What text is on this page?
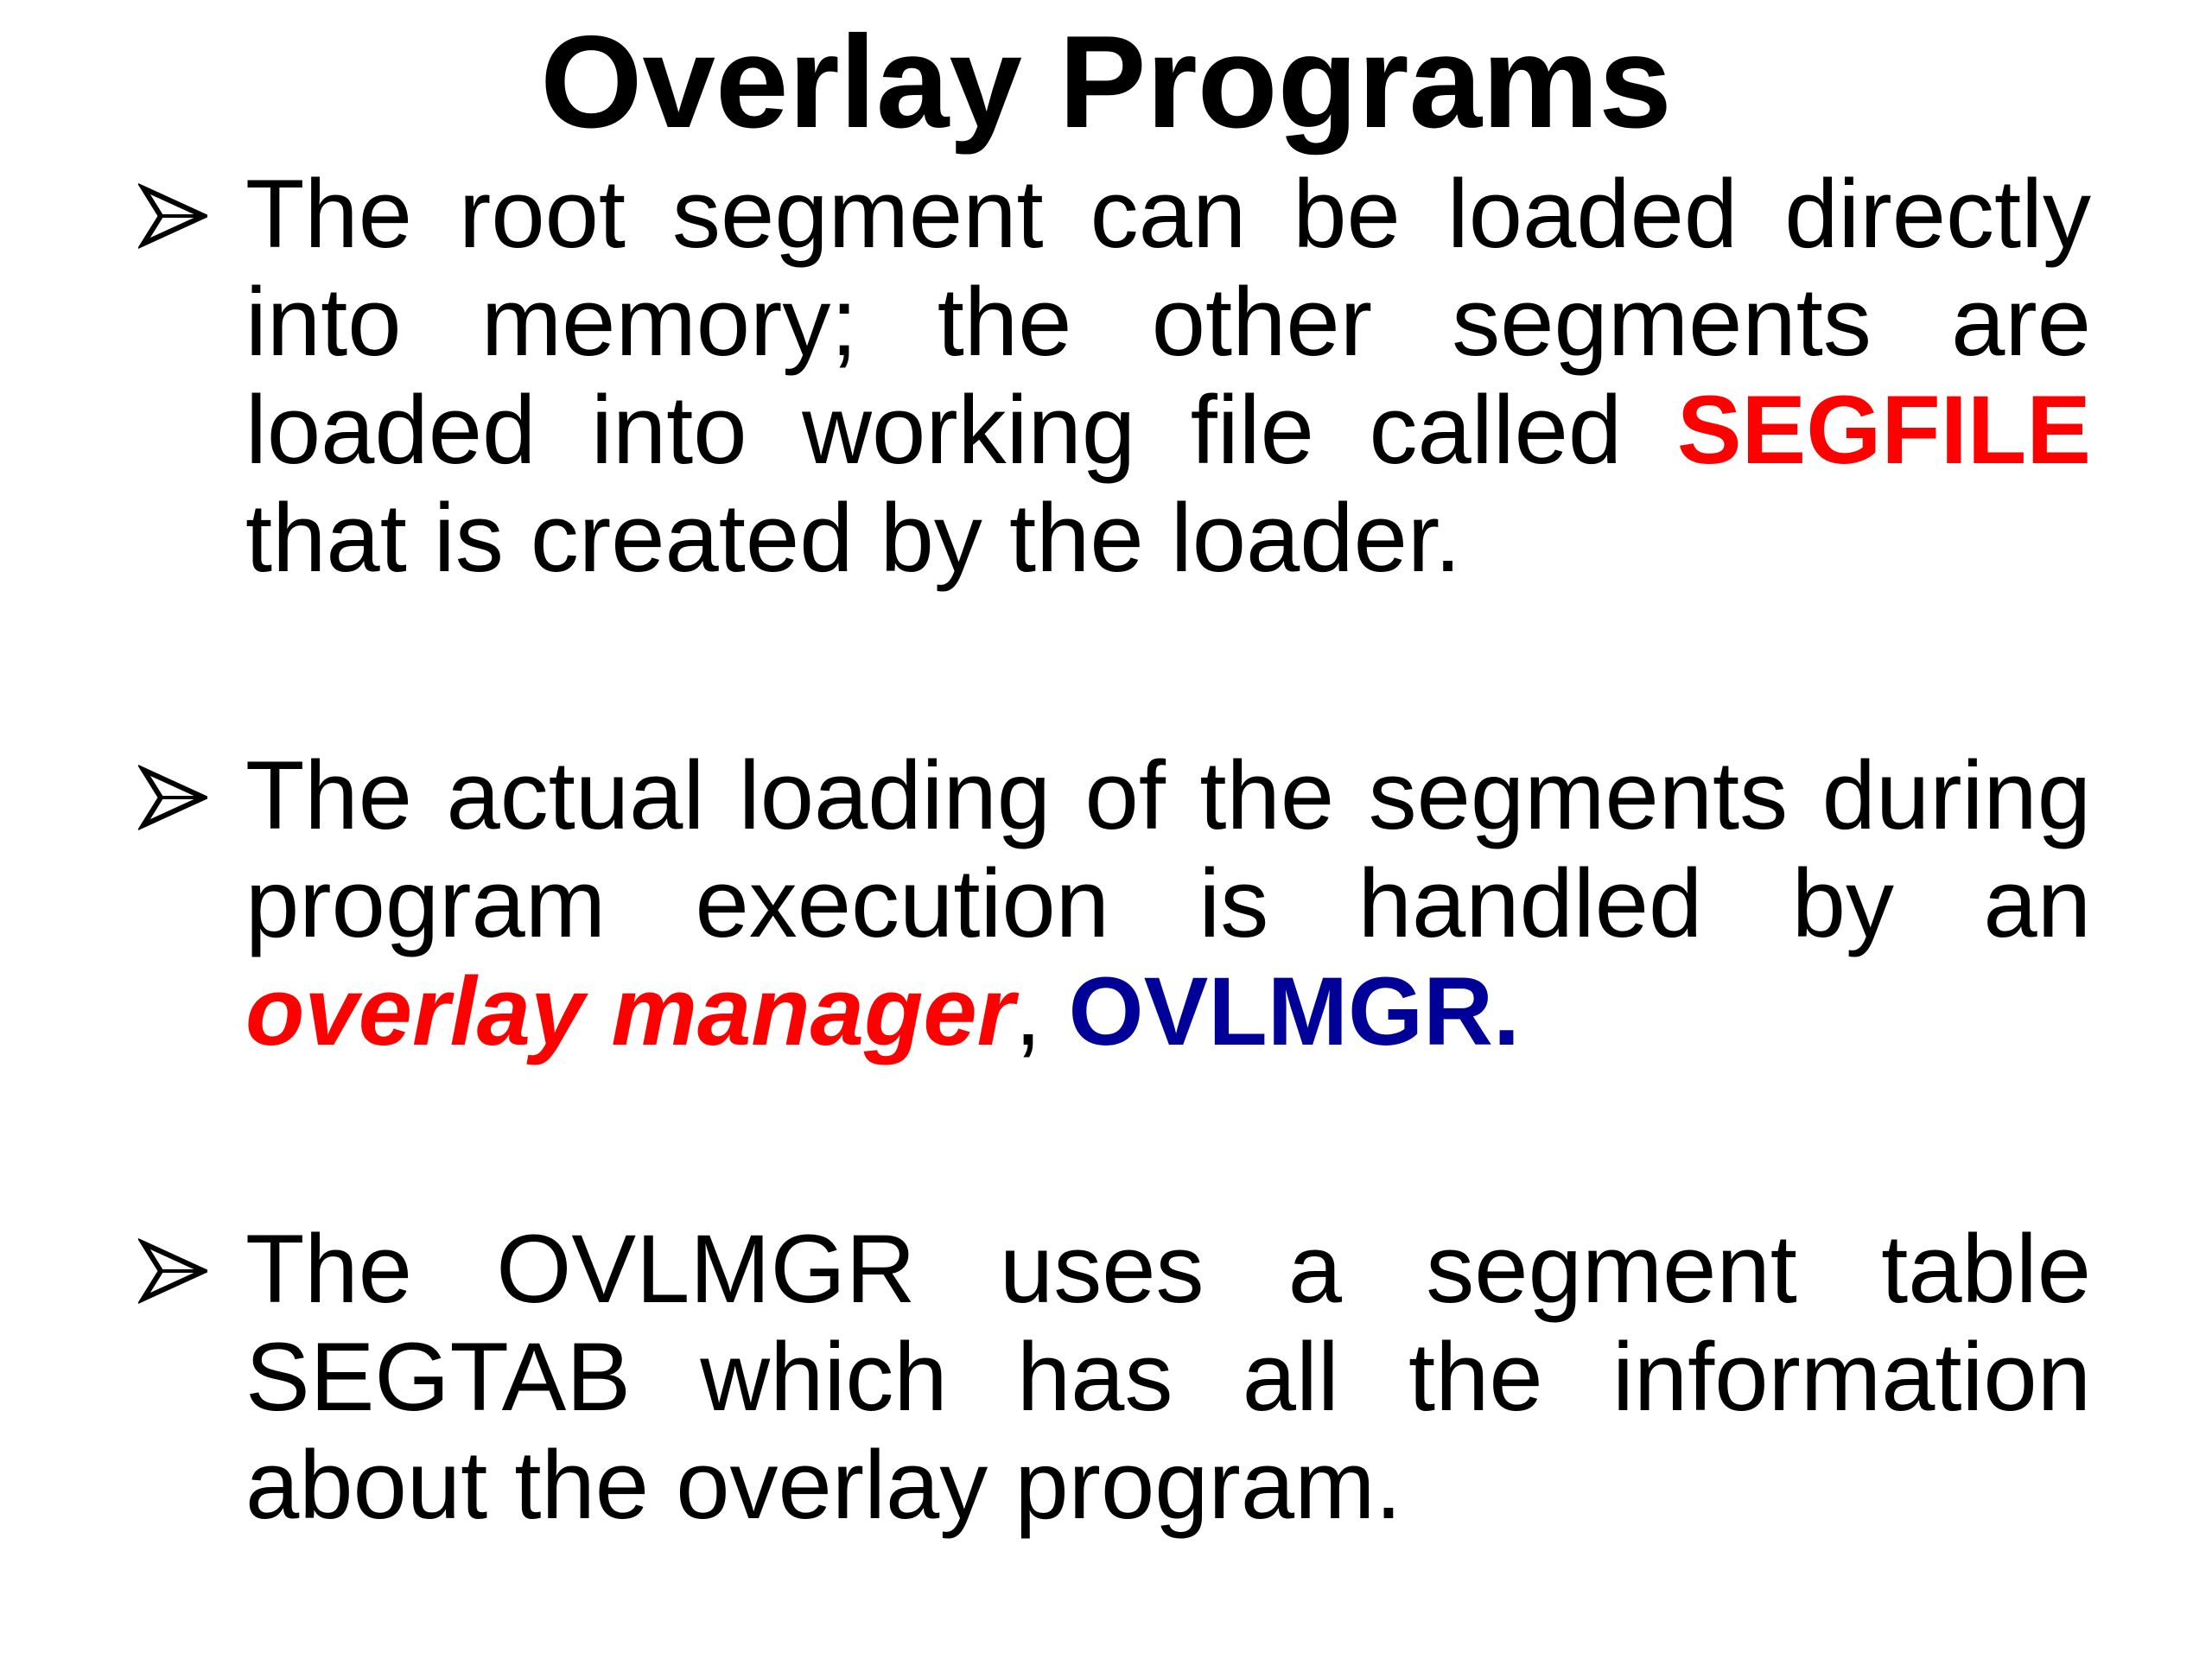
Overlay Programs
The root segment can be loaded directly into memory; the other segments are loaded into working file called SEGFILE that is created by the loader.
The actual loading of the segments during program execution is handled by an overlay manager, OVLMGR.
The OVLMGR uses a segment table SEGTAB which has all the information about the overlay program.
